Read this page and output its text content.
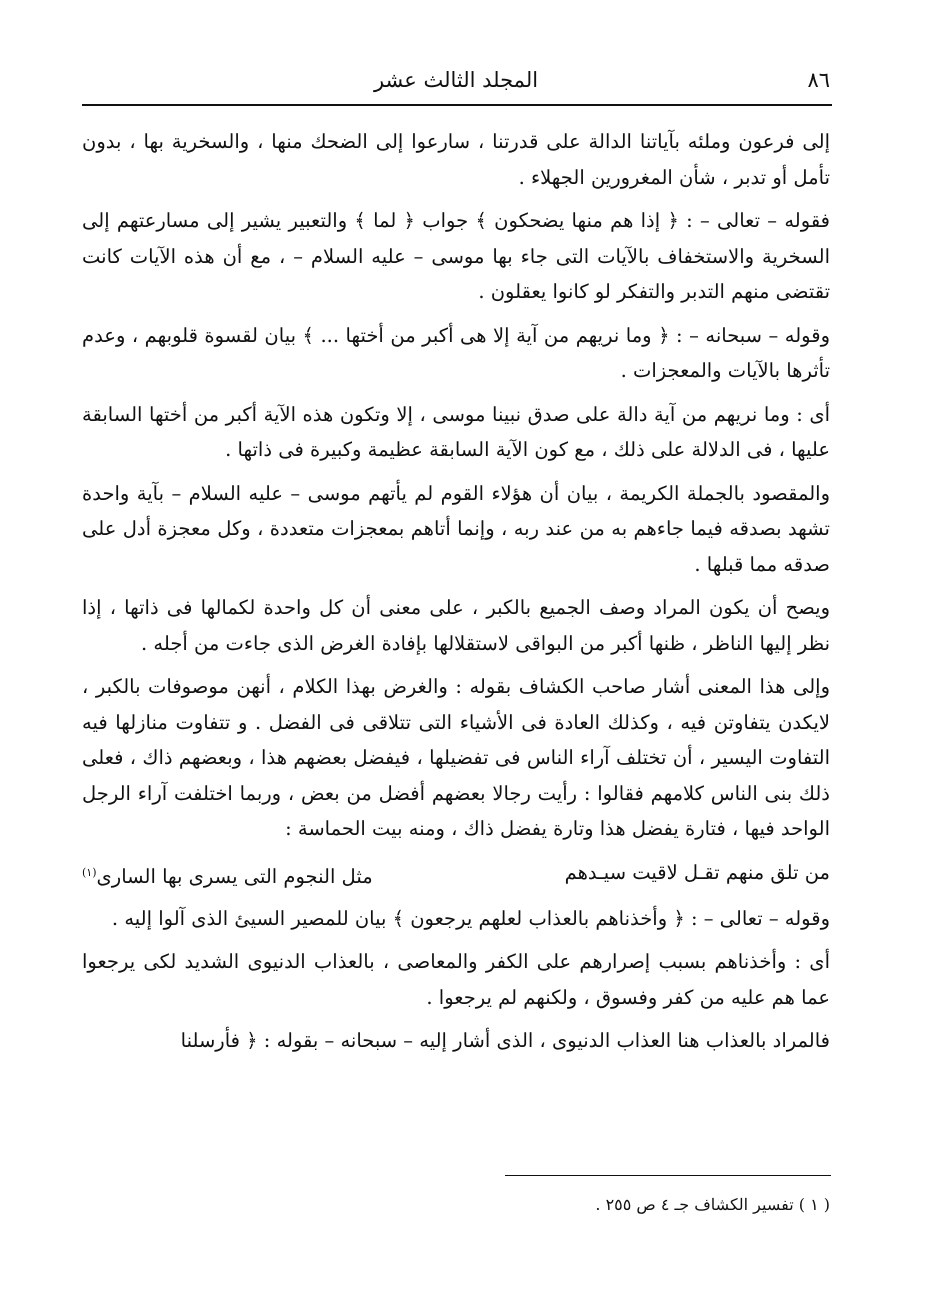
٨٦
المجلد الثالث عشر

إلى فرعون وملئه بآياتنا الدالة على قدرتنا ، سارعوا إلى الضحك منها ، والسخرية بها ، بدون تأمل أو تدبر ، شأن المغرورين الجهلاء .

فقوله – تعالى – : ﴿ إذا هم منها يضحكون ﴾ جواب ﴿ لما ﴾ والتعبير يشير إلى مسارعتهم إلى السخرية والاستخفاف بالآيات التى جاء بها موسى – عليه السلام – ، مع أن هذه الآيات كانت تقتضى منهم التدبر والتفكر لو كانوا يعقلون .

وقوله – سبحانه – : ﴿ وما نريهم من آية إلا هى أكبر من أختها ... ﴾ بيان لقسوة قلوبهم ، وعدم تأثرها بالآيات والمعجزات .

أى : وما نريهم من آية دالة على صدق نبينا موسى ، إلا وتكون هذه الآية أكبر من أختها السابقة عليها ، فى الدلالة على ذلك ، مع كون الآية السابقة عظيمة وكبيرة فى ذاتها .

والمقصود بالجملة الكريمة ، بيان أن هؤلاء القوم لم يأتهم موسى – عليه السلام – بآية واحدة تشهد بصدقه فيما جاءهم به من عند ربه ، وإنما أتاهم بمعجزات متعددة ، وكل معجزة أدل على صدقه مما قبلها .

ويصح أن يكون المراد وصف الجميع بالكبر ، على معنى أن كل واحدة لكمالها فى ذاتها ، إذا نظر إليها الناظر ، ظنها أكبر من البواقى لاستقلالها بإفادة الغرض الذى جاءت من أجله .

وإلى هذا المعنى أشار صاحب الكشاف بقوله : والغرض بهذا الكلام ، أنهن موصوفات بالكبر ، لايكدن يتفاوتن فيه ، وكذلك العادة فى الأشياء التى تتلاقى فى الفضل . و تتفاوت منازلها فيه التفاوت اليسير ، أن تختلف آراء الناس فى تفضيلها ، فيفضل بعضهم هذا ، وبعضهم ذاك ، فعلى ذلك بنى الناس كلامهم فقالوا : رأيت رجالا بعضهم أفضل من بعض ، وربما اختلفت آراء الرجل الواحد فيها ، فتارة يفضل هذا وتارة يفضل ذاك ، ومنه بيت الحماسة :

من تلق منهم تقـل لاقيت سيـدهم
مثل النجوم التى يسرى بها السارى$^{(١)}$

وقوله – تعالى – : ﴿ وأخذناهم بالعذاب لعلهم يرجعون ﴾ بيان للمصير السيئ الذى آلوا إليه .

أى : وأخذناهم بسبب إصرارهم على الكفر والمعاصى ، بالعذاب الدنيوى الشديد لكى يرجعوا عما هم عليه من كفر وفسوق ، ولكنهم لم يرجعوا .

فالمراد بالعذاب هنا العذاب الدنيوى ، الذى أشار إليه – سبحانه – بقوله : ﴿ فأرسلنا

( ١ ) تفسير الكشاف جـ ٤ ص ٢٥٥ .
